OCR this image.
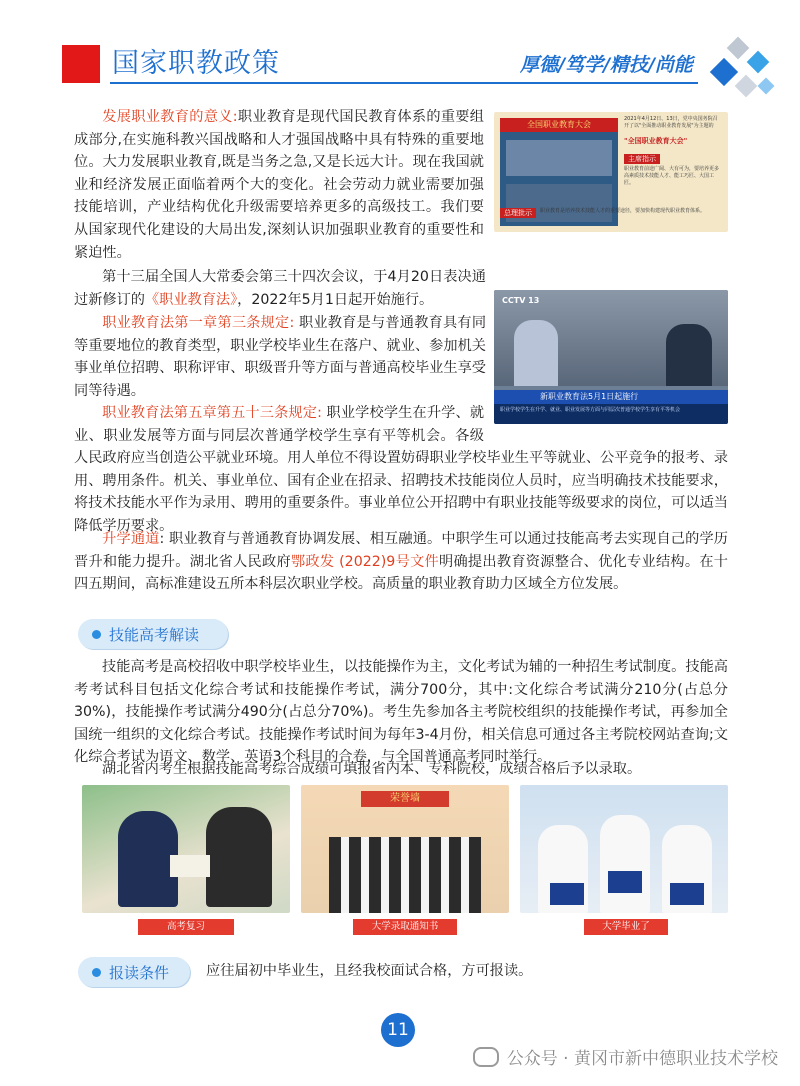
国家职教政策	厚德/笃学/精技/尚能
发展职业教育的意义:职业教育是现代国民教育体系的重要组成部分,在实施科教兴国战略和人才强国战略中具有特殊的重要地位。大力发展职业教育,既是当务之急,又是长远大计。现在我国就业和经济发展正面临着两个大的变化。社会劳动力就业需要加强技能培训，产业结构优化升级需要培养更多的高级技工。我们要从国家现代化建设的大局出发,深刻认识加强职业教育的重要性和紧迫性。
全国职业教育大会
2021年4月12日、13日，党中央国务院召开了以"全面推动职业教育发展"为主题的
"全国职业教育大会"
主席指示
职业教育前途广阔、大有可为，要培养更多高素质技术技能人才、能工巧匠、大国工匠。
总理批示	职业教育是培养技术技能人才的重要途径，要加快构建现代职业教育体系。
第十三届全国人大常委会第三十四次会议，于4月20日表决通过新修订的《职业教育法》，2022年5月1日起开始施行。	CCTV 13
新职业教育法5月1日起施行
职业学校学生在升学、就业、职业发展等方面与同层次普通学校学生享有平等机会
职业教育法第一章第三条规定: 职业教育是与普通教育具有同等重要地位的教育类型，职业学校毕业生在落户、就业、参加机关事业单位招聘、职称评审、职级晋升等方面与普通高校毕业生享受同等待遇。
职业教育法第五章第五十三条规定: 职业学校学生在升学、就业、职业发展等方面与同层次普通学校学生享有平等机会。各级人民政府应当创造公平就业环境。用人单位不得设置妨碍职业学校毕业生平等就业、公平竞争的报考、录用、聘用条件。机关、事业单位、国有企业在招录、招聘技术技能岗位人员时，应当明确技术技能要求，将技术技能水平作为录用、聘用的重要条件。事业单位公开招聘中有职业技能等级要求的岗位，可以适当降低学历要求。
升学通道: 职业教育与普通教育协调发展、相互融通。中职学生可以通过技能高考去实现自己的学历晋升和能力提升。湖北省人民政府鄂政发 (2022)9号文件明确提出教育资源整合、优化专业结构。在十四五期间，高标准建设五所本科层次职业学校。高质量的职业教育助力区域全方位发展。
技能高考解读
技能高考是高校招收中职学校毕业生，以技能操作为主，文化考试为辅的一种招生考试制度。技能高考考试科目包括文化综合考试和技能操作考试，满分700分，其中:文化综合考试满分210分(占总分30%)，技能操作考试满分490分(占总分70%)。考生先参加各主考院校组织的技能操作考试，再参加全国统一组织的文化综合考试。技能操作考试时间为每年3-4月份，相关信息可通过各主考院校网站查询;文化综合考试为语文、数学、英语3个科目的合卷，与全国普通高考同时举行。
湖北省内考生根据技能高考综合成绩可填报省内本、专科院校，成绩合格后予以录取。
高考复习
荣誉墙
大学录取通知书	大学毕业了
报读条件	应往届初中毕业生，且经我校面试合格，方可报读。
11
公众号 · 黄冈市新中德职业技术学校
